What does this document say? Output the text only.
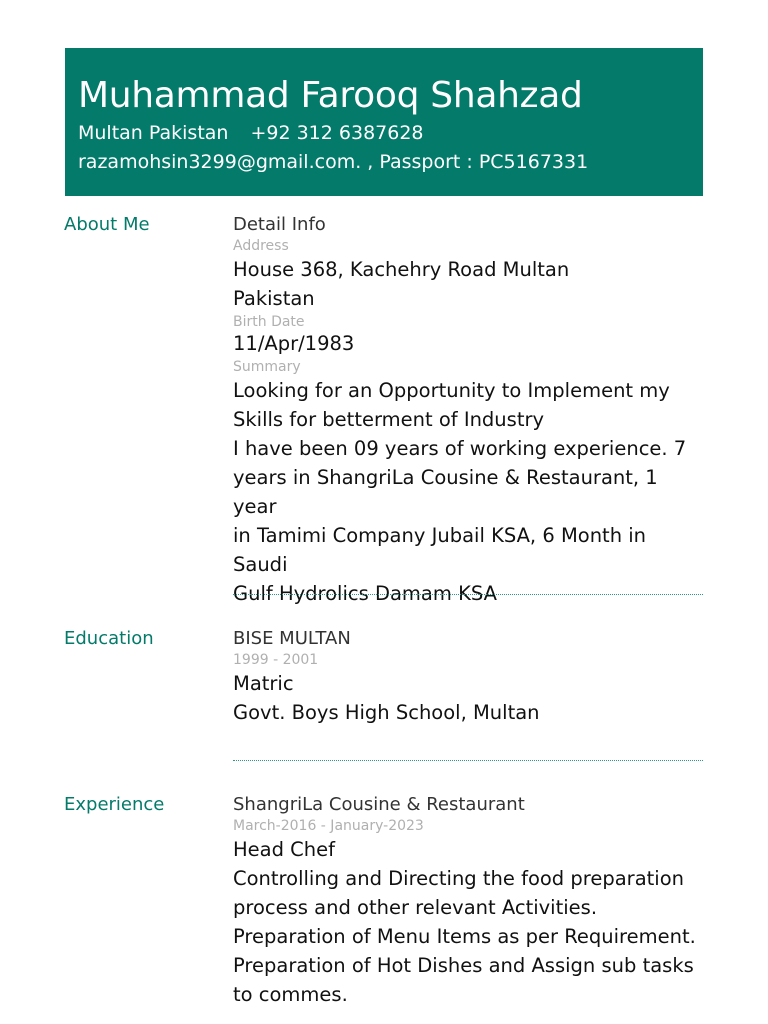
Muhammad Farooq Shahzad
Multan Pakistan +92 312 6387628
razamohsin3299@gmail.com. , Passport : PC5167331
About Me	Detail Info

Address

House 368, Kachehry Road Multan

Pakistan

Birth Date

11/Apr/1983

Summary

Looking for an Opportunity to Implement my

Skills for betterment of Industry

I have been 09 years of working experience. 7

years in ShangriLa Cousine & Restaurant, 1 year

in Tamimi Company Jubail KSA, 6 Month in Saudi

Gulf Hydrolics Damam KSA

Education	BISE MULTAN

1999 - 2001

Matric

Govt. Boys High School, Multan

Experience	ShangriLa Cousine & Restaurant

March-2016 - January-2023

Head Chef

Controlling and Directing the food preparation

process and other relevant Activities.

Preparation of Menu Items as per Requirement.

Preparation of Hot Dishes and Assign sub tasks

to commes.
